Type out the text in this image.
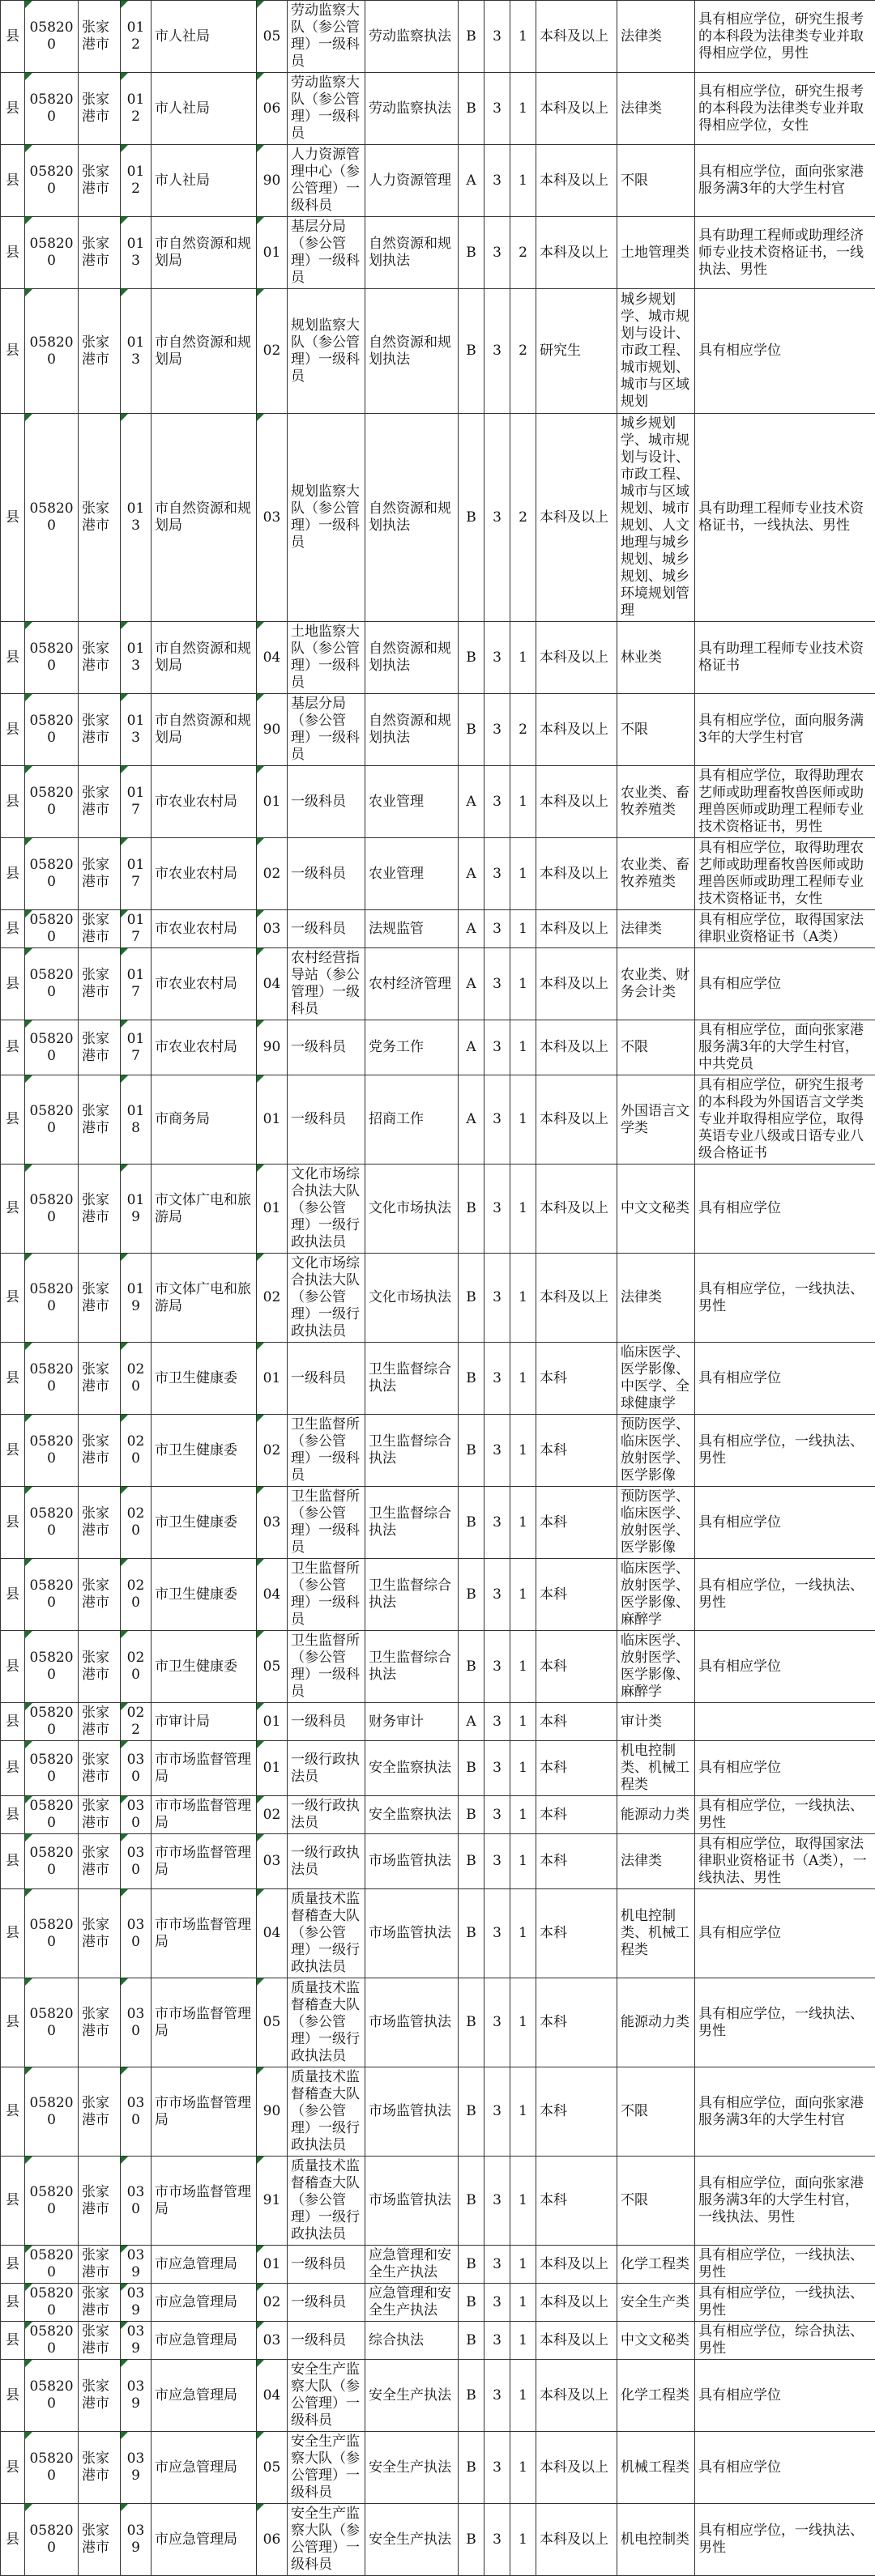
县	058200	张家港市	012	市人社局	05	劳动监察大队（参公管理）一级科员	劳动监察执法	B	3	1	本科及以上	法律类	具有相应学位，研究生报考的本科段为法律类专业并取得相应学位，男性
县	058200	张家港市	012	市人社局	06	劳动监察大队（参公管理）一级科员	劳动监察执法	B	3	1	本科及以上	法律类	具有相应学位，研究生报考的本科段为法律类专业并取得相应学位，女性
县	058200	张家港市	012	市人社局	90	人力资源管理中心（参公管理）一级科员	人力资源管理	A	3	1	本科及以上	不限	具有相应学位，面向张家港服务满3年的大学生村官
县	058200	张家港市	013	市自然资源和规划局	01	基层分局（参公管理）一级科员	自然资源和规划执法	B	3	2	本科及以上	土地管理类	具有助理工程师或助理经济师专业技术资格证书，一线执法、男性
县	058200	张家港市	013	市自然资源和规划局	02	规划监察大队（参公管理）一级科员	自然资源和规划执法	B	3	2	研究生	城乡规划学、城市规划与设计、市政工程、城市规划、城市与区域规划	具有相应学位
县	058200	张家港市	013	市自然资源和规划局	03	规划监察大队（参公管理）一级科员	自然资源和规划执法	B	3	2	本科及以上	城乡规划学、城市规划与设计、市政工程、城市与区域规划、城市规划、人文地理与城乡规划、城乡规划、城乡环境规划管理	具有助理工程师专业技术资格证书，一线执法、男性
县	058200	张家港市	013	市自然资源和规划局	04	土地监察大队（参公管理）一级科员	自然资源和规划执法	B	3	1	本科及以上	林业类	具有助理工程师专业技术资格证书
县	058200	张家港市	013	市自然资源和规划局	90	基层分局（参公管理）一级科员	自然资源和规划执法	B	3	2	本科及以上	不限	具有相应学位，面向服务满3年的大学生村官
县	058200	张家港市	017	市农业农村局	01	一级科员	农业管理	A	3	1	本科及以上	农业类、畜牧养殖类	具有相应学位，取得助理农艺师或助理畜牧兽医师或助理兽医师或助理工程师专业技术资格证书，男性
县	058200	张家港市	017	市农业农村局	02	一级科员	农业管理	A	3	1	本科及以上	农业类、畜牧养殖类	具有相应学位，取得助理农艺师或助理畜牧兽医师或助理兽医师或助理工程师专业技术资格证书，女性
县	058200	张家港市	017	市农业农村局	03	一级科员	法规监管	A	3	1	本科及以上	法律类	具有相应学位，取得国家法律职业资格证书（A类）
县	058200	张家港市	017	市农业农村局	04	农村经营指导站（参公管理）一级科员	农村经济管理	A	3	1	本科及以上	农业类、财务会计类	具有相应学位
县	058200	张家港市	017	市农业农村局	90	一级科员	党务工作	A	3	1	本科及以上	不限	具有相应学位，面向张家港服务满3年的大学生村官，中共党员
县	058200	张家港市	018	市商务局	01	一级科员	招商工作	A	3	1	本科及以上	外国语言文学类	具有相应学位，研究生报考的本科段为外国语言文学类专业并取得相应学位，取得英语专业八级或日语专业八级合格证书
县	058200	张家港市	019	市文体广电和旅游局	01	文化市场综合执法大队（参公管理）一级行政执法员	文化市场执法	B	3	1	本科及以上	中文文秘类	具有相应学位
县	058200	张家港市	019	市文体广电和旅游局	02	文化市场综合执法大队（参公管理）一级行政执法员	文化市场执法	B	3	1	本科及以上	法律类	具有相应学位，一线执法、男性
县	058200	张家港市	020	市卫生健康委	01	一级科员	卫生监督综合执法	B	3	1	本科	临床医学、医学影像、中医学、全球健康学	具有相应学位
县	058200	张家港市	020	市卫生健康委	02	卫生监督所（参公管理）一级科员	卫生监督综合执法	B	3	1	本科	预防医学、临床医学、放射医学、医学影像	具有相应学位，一线执法、男性
县	058200	张家港市	020	市卫生健康委	03	卫生监督所（参公管理）一级科员	卫生监督综合执法	B	3	1	本科	预防医学、临床医学、放射医学、医学影像	具有相应学位
县	058200	张家港市	020	市卫生健康委	04	卫生监督所（参公管理）一级科员	卫生监督综合执法	B	3	1	本科	临床医学、放射医学、医学影像、麻醉学	具有相应学位，一线执法、男性
县	058200	张家港市	020	市卫生健康委	05	卫生监督所（参公管理）一级科员	卫生监督综合执法	B	3	1	本科	临床医学、放射医学、医学影像、麻醉学	具有相应学位
县	058200	张家港市	022	市审计局	01	一级科员	财务审计	A	3	1	本科	审计类	
县	058200	张家港市	030	市市场监督管理局	01	一级行政执法员	安全监察执法	B	3	1	本科	机电控制类、机械工程类	具有相应学位
县	058200	张家港市	030	市市场监督管理局	02	一级行政执法员	安全监察执法	B	3	1	本科	能源动力类	具有相应学位，一线执法、男性
县	058200	张家港市	030	市市场监督管理局	03	一级行政执法员	市场监管执法	B	3	1	本科	法律类	具有相应学位，取得国家法律职业资格证书（A类），一线执法、男性
县	058200	张家港市	030	市市场监督管理局	04	质量技术监督稽查大队（参公管理）一级行政执法员	市场监管执法	B	3	1	本科	机电控制类、机械工程类	具有相应学位
县	058200	张家港市	030	市市场监督管理局	05	质量技术监督稽查大队（参公管理）一级行政执法员	市场监管执法	B	3	1	本科	能源动力类	具有相应学位，一线执法、男性
县	058200	张家港市	030	市市场监督管理局	90	质量技术监督稽查大队（参公管理）一级行政执法员	市场监管执法	B	3	1	本科	不限	具有相应学位，面向张家港服务满3年的大学生村官
县	058200	张家港市	030	市市场监督管理局	91	质量技术监督稽查大队（参公管理）一级行政执法员	市场监管执法	B	3	1	本科	不限	具有相应学位，面向张家港服务满3年的大学生村官，一线执法、男性
县	058200	张家港市	039	市应急管理局	01	一级科员	应急管理和安全生产执法	B	3	1	本科及以上	化学工程类	具有相应学位，一线执法、男性
县	058200	张家港市	039	市应急管理局	02	一级科员	应急管理和安全生产执法	B	3	1	本科及以上	安全生产类	具有相应学位，一线执法、男性
县	058200	张家港市	039	市应急管理局	03	一级科员	综合执法	B	3	1	本科及以上	中文文秘类	具有相应学位，综合执法、男性
县	058200	张家港市	039	市应急管理局	04	安全生产监察大队（参公管理）一级科员	安全生产执法	B	3	1	本科及以上	化学工程类	具有相应学位
县	058200	张家港市	039	市应急管理局	05	安全生产监察大队（参公管理）一级科员	安全生产执法	B	3	1	本科及以上	机械工程类	具有相应学位
县	058200	张家港市	039	市应急管理局	06	安全生产监察大队（参公管理）一级科员	安全生产执法	B	3	1	本科及以上	机电控制类	具有相应学位，一线执法、男性
